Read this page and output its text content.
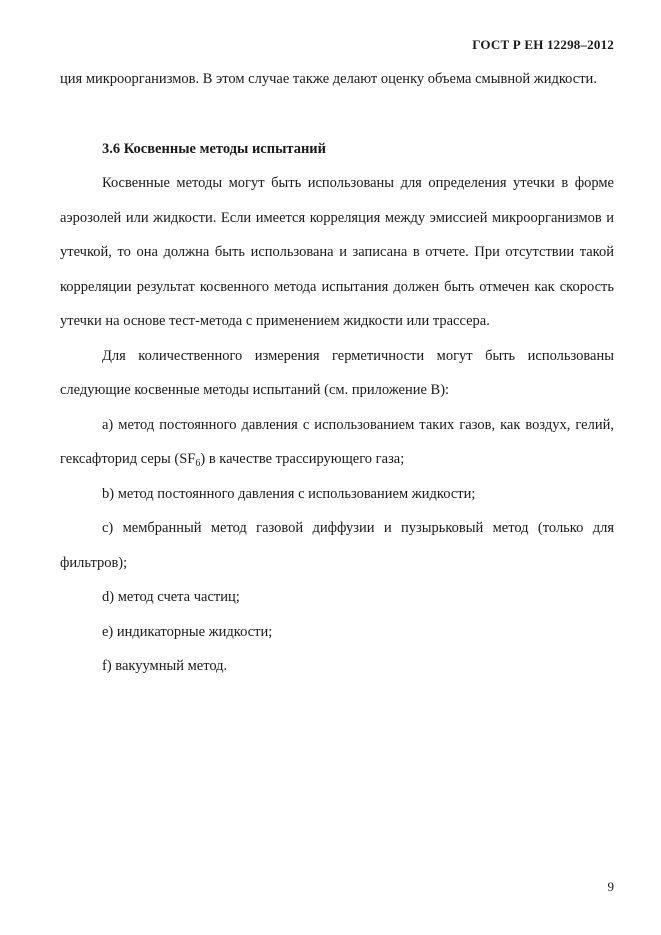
ГОСТ Р ЕН 12298–2012

ция микроорганизмов. В этом случае также делают оценку объема смывной жидкости.

3.6 Косвенные методы испытаний

Косвенные методы могут быть использованы для определения утечки в форме аэрозолей или жидкости. Если имеется корреляция между эмиссией микроорганизмов и утечкой, то она должна быть использована и записана в отчете. При отсутствии такой корреляции результат косвенного метода испытания должен быть отмечен как скорость утечки на основе тест-метода с применением жидкости или трассера.

Для количественного измерения герметичности могут быть использованы следующие косвенные методы испытаний (см. приложение В):

a) метод постоянного давления с использованием таких газов, как воздух, гелий, гексафторид серы $(SF_6)$ в качестве трассирующего газа;

b) метод постоянного давления с использованием жидкости;

c) мембранный метод газовой диффузии и пузырьковый метод (только для фильтров);

d) метод счета частиц;

e) индикаторные жидкости;

f) вакуумный метод.

9
